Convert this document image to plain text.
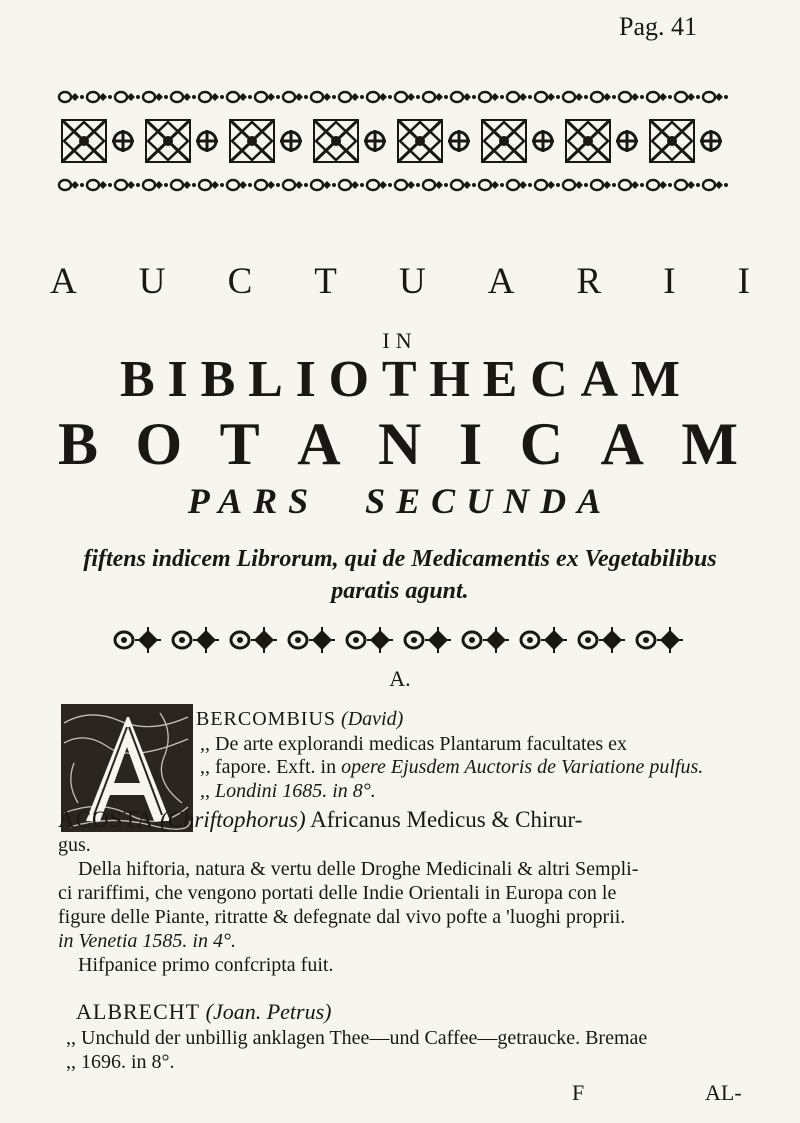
Pag. 41
A U C T U A R I I
IN
B I B L I O T H E C A M
B O T A N I C A M
PARS SECUNDA
fiftens indicem Librorum, qui de Medicamentis ex Vegetabilibus
paratis agunt.
A.
BERCOMBIUS (David)
,, De arte explorandi medicas Plantarum facultates ex
,, fapore. Exft. in opere Ejusdem Auctoris de Variatione pulfus.
,, Londini 1685. in 8°.
ACOSTA (Chriftophorus) Africanus Medicus & Chirur-
gus.
Della hiftoria, natura & vertu delle Droghe Medicinali & altri Sempli-
ci rariffimi, che vengono portati delle Indie Orientali in Europa con le
figure delle Piante, ritratte & defegnate dal vivo pofte a 'luoghi proprii.
in Venetia 1585. in 4°.
Hifpanice primo confcripta fuit.
ALBRECHT (Joan. Petrus)
,, Unchuld der unbillig anklagen Thee—und Caffee—getraucke. Bremae
,, 1696. in 8°.
F	AL-
